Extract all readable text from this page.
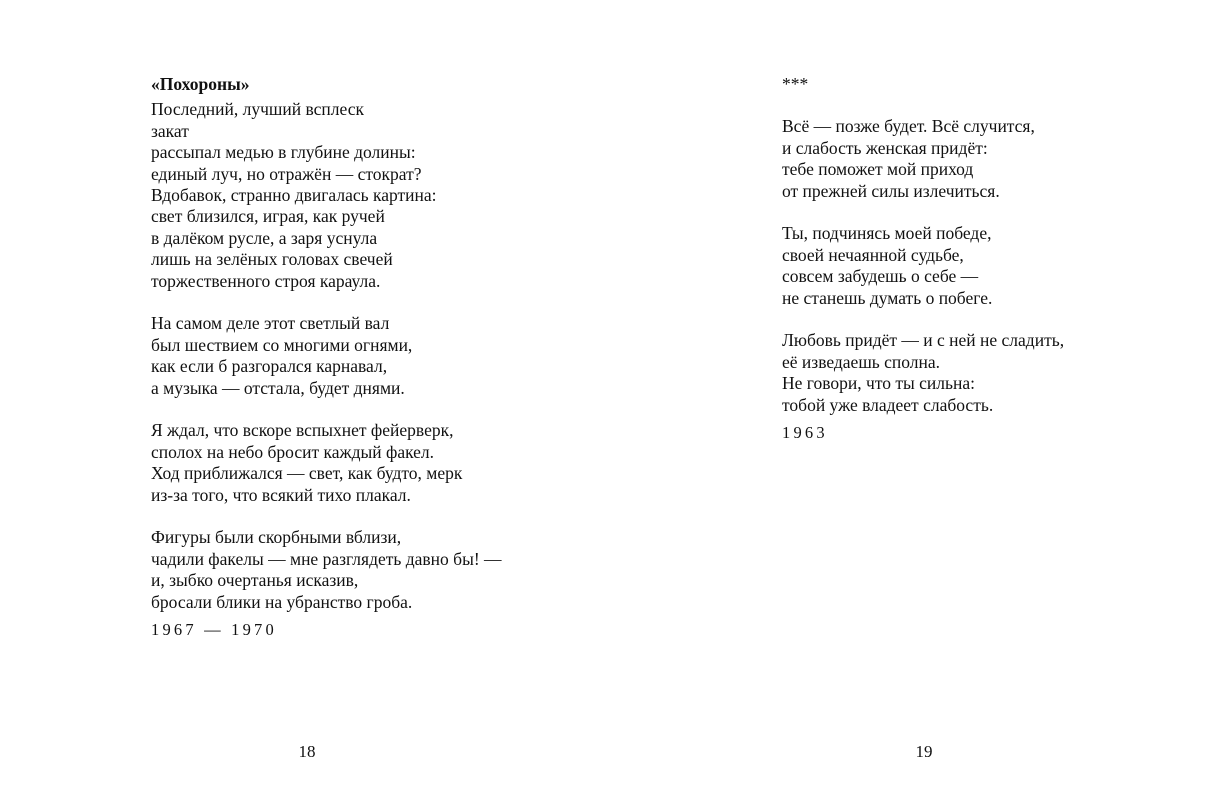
«Похороны»
Последний, лучший всплеск
закат
рассыпал медью в глубине долины:
единый луч, но отражён — стократ?
Вдобавок, странно двигалась картина:
свет близился, играя, как ручей
в далёком русле, а заря уснула
лишь на зелёных головах свечей
торжественного строя караула.
На самом деле этот светлый вал
был шествием со многими огнями,
как если б разгорался карнавал,
а музыка — отстала, будет днями.
Я ждал, что вскоре вспыхнет фейерверк,
сполох на небо бросит каждый факел.
Ход приближался — свет, как будто, мерк
из-за того, что всякий тихо плакал.
Фигуры были скорбными вблизи,
чадили факелы — мне разглядеть давно бы! —
и, зыбко очертанья исказив,
бросали блики на убранство гроба.
1967 — 1970
18
***
Всё — позже будет. Всё случится,
и слабость женская придёт:
тебе поможет мой приход
от прежней силы излечиться.
Ты, подчинясь моей победе,
своей нечаянной судьбе,
совсем забудешь о себе —
не станешь думать о побеге.
Любовь придёт — и с ней не сладить,
её изведаешь сполна.
Не говори, что ты сильна:
тобой уже владеет слабость.
1963
19
